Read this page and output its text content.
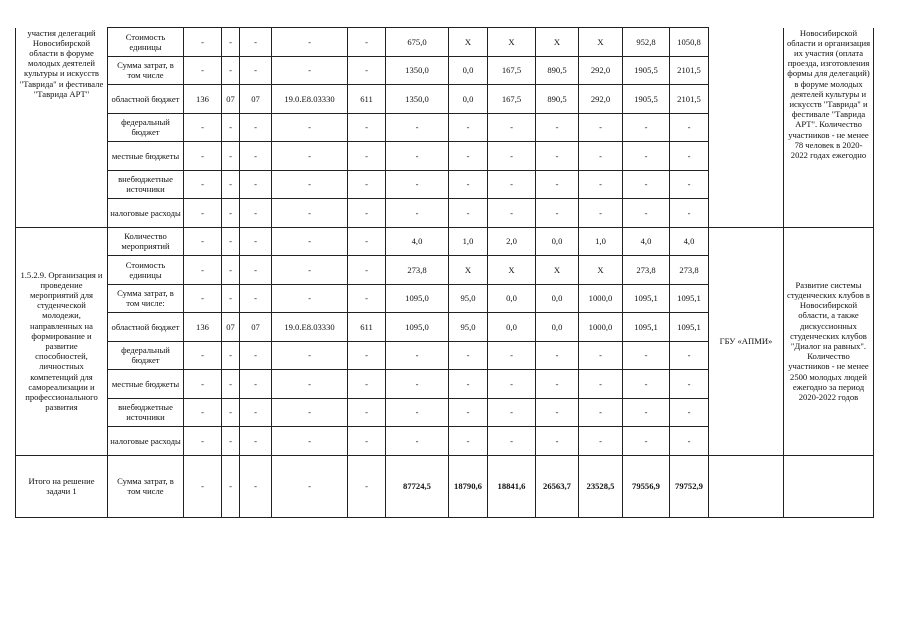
участия делегаций Новосибирской области в форуме молодых деятелей культуры и искусств "Таврида" и фестивале "Таврида АРТ"	Стоимость единицы	-	-	-	-	-	675,0	X	X	X	X	952,8	1050,8		Новосибирской области и организация их участия (оплата проезда, изготовления формы для делегаций) в форуме молодых деятелей культуры и искусств "Таврида" и фестивале "Таврида АРТ". Количество участников - не менее 78 человек в 2020-2022 годах ежегодно
	Сумма затрат, в том числе	-	-	-	-	-	1350,0	0,0	167,5	890,5	292,0	1905,5	2101,5		
	областной бюджет	136	07	07	19.0.E8.03330	611	1350,0	0,0	167,5	890,5	292,0	1905,5	2101,5		
	федеральный бюджет	-	-	-	-	-	-	-	-	-	-	-	-		
	местные бюджеты	-	-	-	-	-	-	-	-	-	-	-	-		
	внебюджетные источники	-	-	-	-	-	-	-	-	-	-	-	-		
	налоговые расходы	-	-	-	-	-	-	-	-	-	-	-	-		
1.5.2.9. Организация и проведение мероприятий для студенческой молодежи, направленных на формирование и развитие способностей, личностных компетенций для самореализации и профессионального развития	Количество мероприятий	-	-	-	-	-	4,0	1,0	2,0	0,0	1,0	4,0	4,0	ГБУ «АПМИ»	Развитие системы студенческих клубов в Новосибирской области, а также дискуссионных студенческих клубов "Диалог на равных". Количество участников - не менее 2500 молодых людей ежегодно за период 2020-2022 годов
	Стоимость единицы	-	-	-	-	-	273,8	X	X	X	X	273,8	273,8		
	Сумма затрат, в том числе:	-	-	-	-	-	1095,0	95,0	0,0	0,0	1000,0	1095,1	1095,1		
	областной бюджет	136	07	07	19.0.E8.03330	611	1095,0	95,0	0,0	0,0	1000,0	1095,1	1095,1		
	федеральный бюджет	-	-	-	-	-	-	-	-	-	-	-	-		
	местные бюджеты	-	-	-	-	-	-	-	-	-	-	-	-		
	внебюджетные источники	-	-	-	-	-	-	-	-	-	-	-	-		
	налоговые расходы	-	-	-	-	-	-	-	-	-	-	-	-		
Итого на решение задачи 1	Сумма затрат, в том числе	-	-	-	-	-	87724,5	18790,6	18841,6	26563,7	23528,5	79556,9	79752,9		
